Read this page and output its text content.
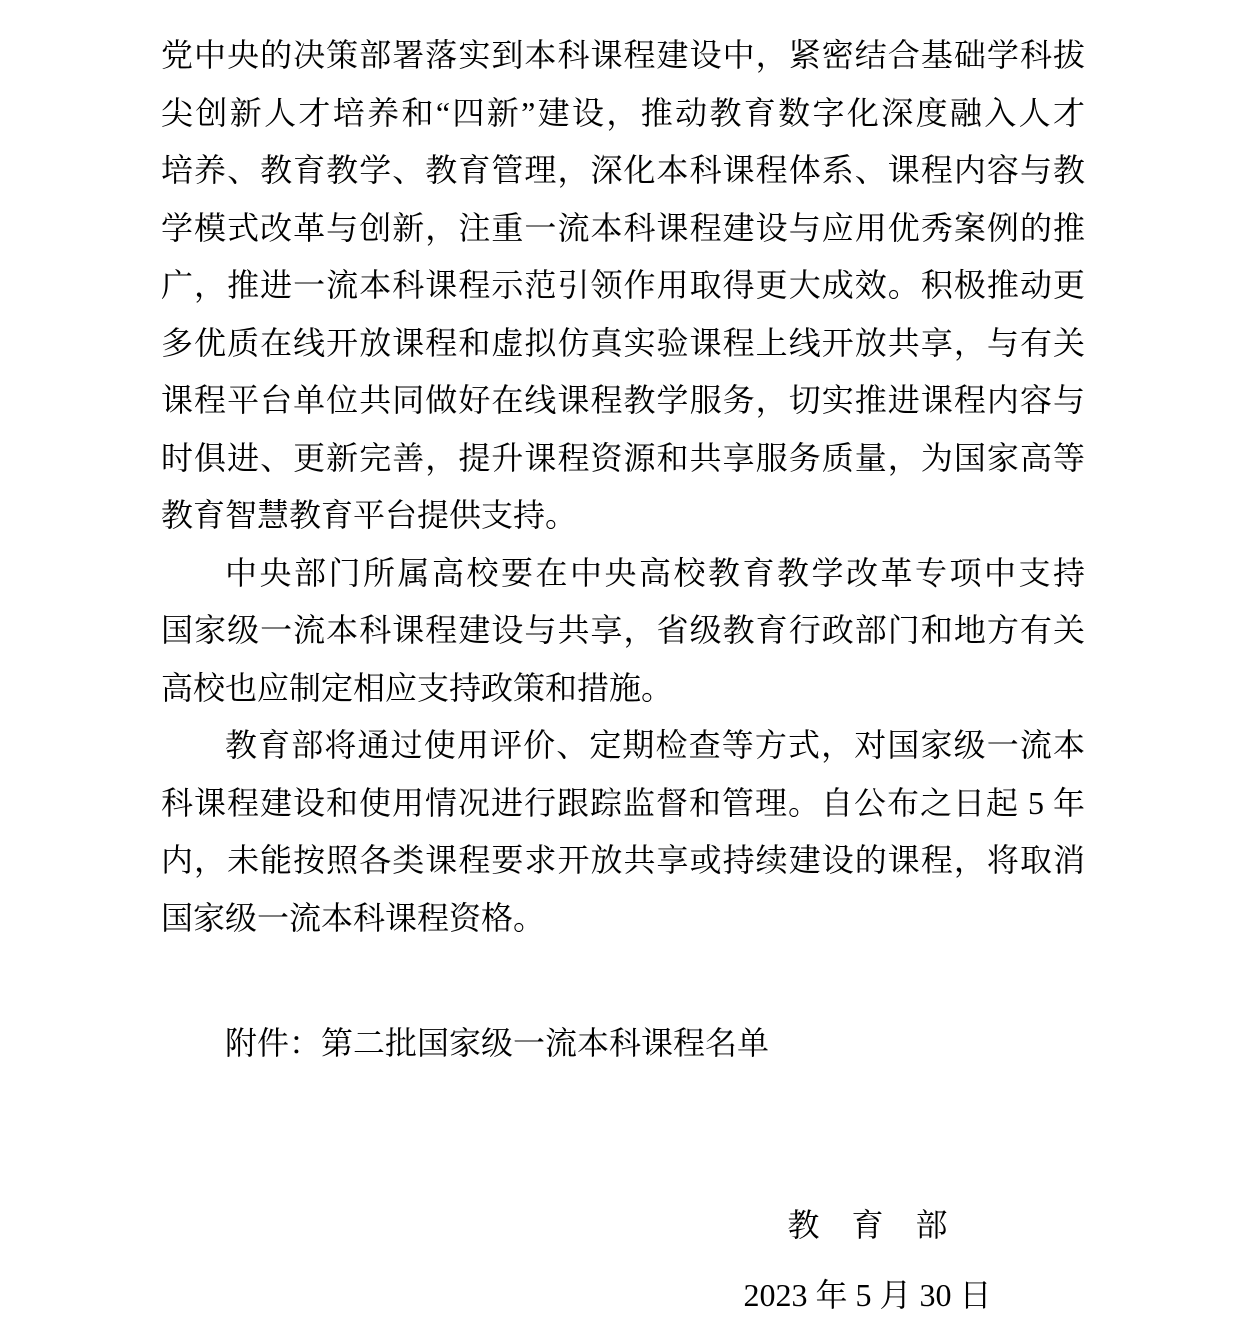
党中央的决策部署落实到本科课程建设中，紧密结合基础学科拔
尖创新人才培养和“四新”建设，推动教育数字化深度融入人才
培养、教育教学、教育管理，深化本科课程体系、课程内容与教
学模式改革与创新，注重一流本科课程建设与应用优秀案例的推
广，推进一流本科课程示范引领作用取得更大成效。积极推动更
多优质在线开放课程和虚拟仿真实验课程上线开放共享，与有关
课程平台单位共同做好在线课程教学服务，切实推进课程内容与
时俱进、更新完善，提升课程资源和共享服务质量，为国家高等
教育智慧教育平台提供支持。
中央部门所属高校要在中央高校教育教学改革专项中支持
国家级一流本科课程建设与共享，省级教育行政部门和地方有关
高校也应制定相应支持政策和措施。
教育部将通过使用评价、定期检查等方式，对国家级一流本
科课程建设和使用情况进行跟踪监督和管理。自公布之日起 5 年
内，未能按照各类课程要求开放共享或持续建设的课程，将取消
国家级一流本科课程资格。
附件：第二批国家级一流本科课程名单
教　育　部
2023 年 5 月 30 日
